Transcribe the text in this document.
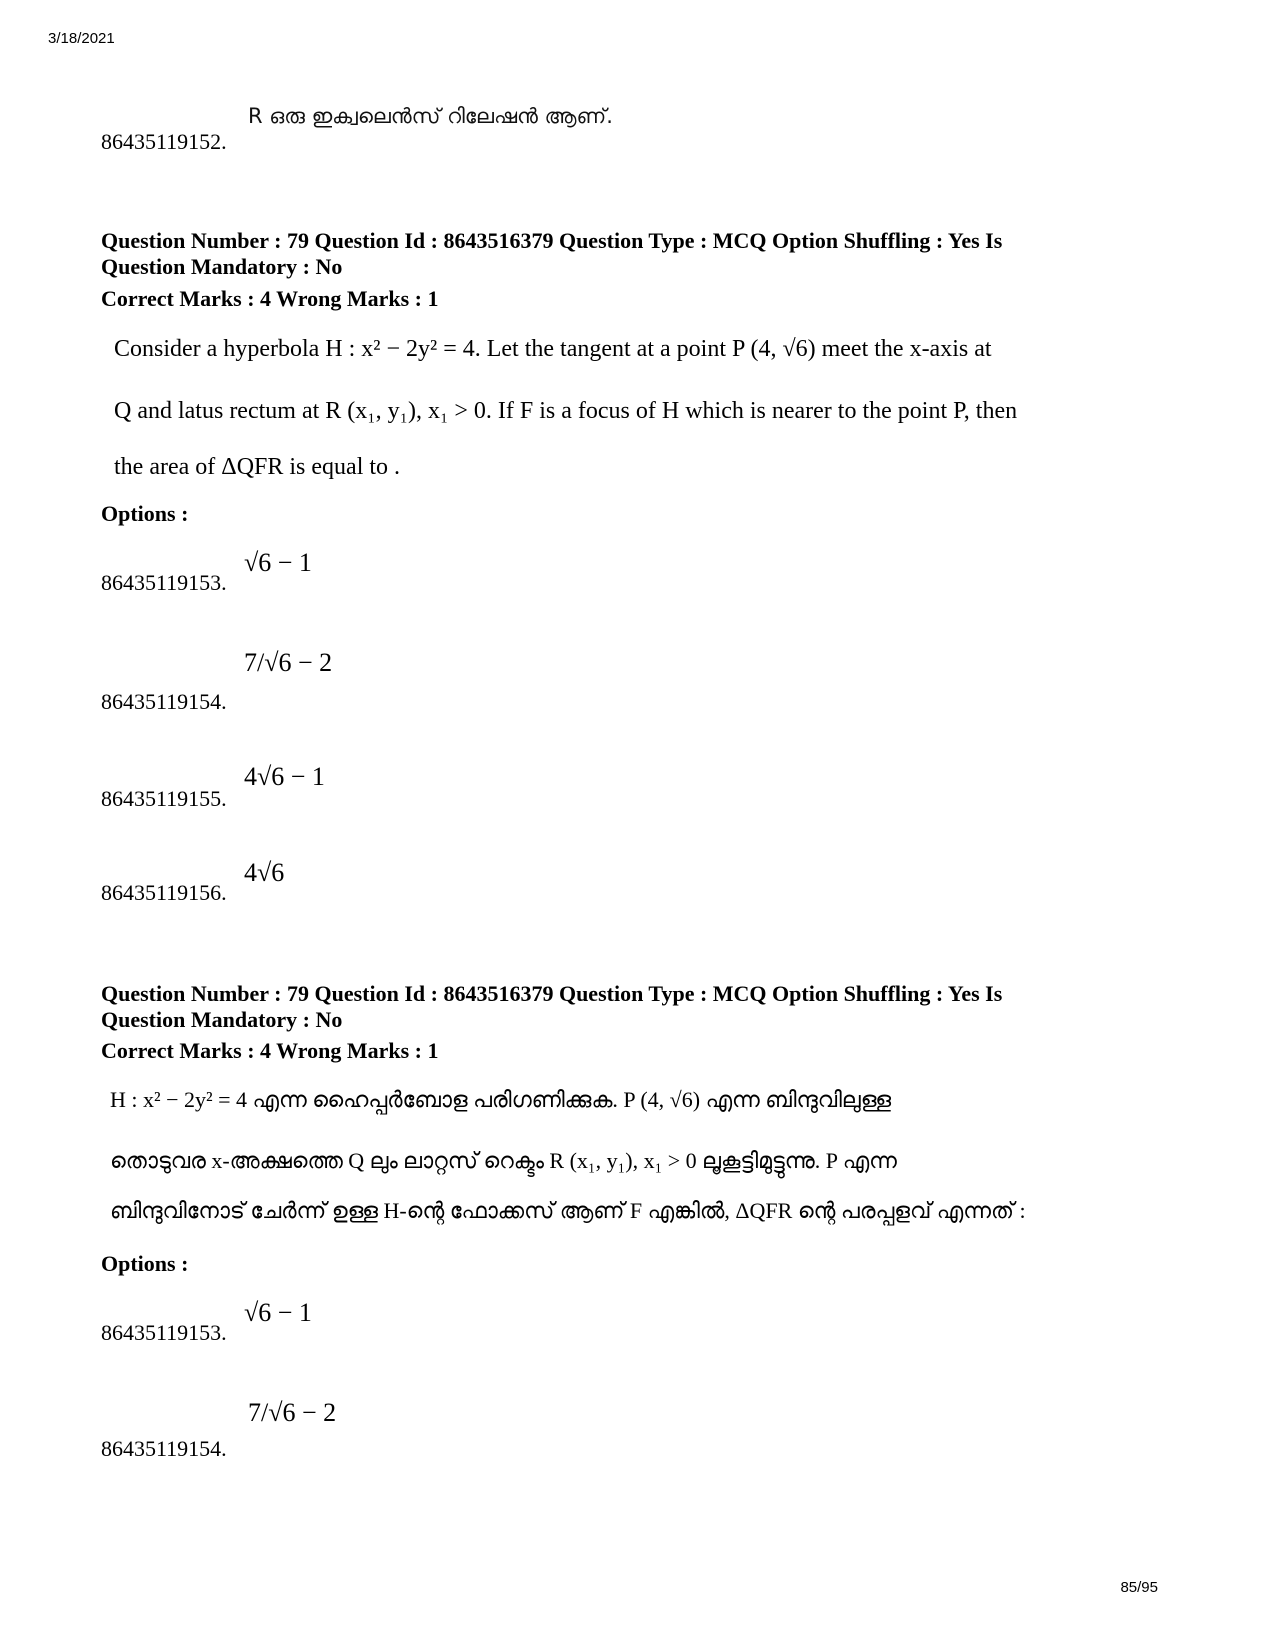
3/18/2021
85/95
R ഒരു ഇക്വലെൻസ് റിലേഷൻ ആണ്.
86435119152.
Question Number : 79 Question Id : 8643516379 Question Type : MCQ Option Shuffling : Yes Is
Question Mandatory : No
Correct Marks : 4 Wrong Marks : 1
Consider a hyperbola H : x² − 2y² = 4. Let the tangent at a point P (4, √6) meet the x-axis at
Q and latus rectum at R (x₁, y₁), x₁ > 0. If F is a focus of H which is nearer to the point P, then
the area of ΔQFR is equal to .
Options :
√6 − 1
86435119153.
7/√6 − 2
86435119154.
4√6 − 1
86435119155.
4√6
86435119156.
Question Number : 79 Question Id : 8643516379 Question Type : MCQ Option Shuffling : Yes Is
Question Mandatory : No
Correct Marks : 4 Wrong Marks : 1
H : x² − 2y² = 4 എന്ന ഹൈപ്പർബോള പരിഗണിക്കുക. P (4, √6) എന്ന ബിന്ദുവിലുള്ള
തൊടുവര x-അക്ഷത്തെ Q ലും ലാറ്റസ് റെക്ടം R (x₁, y₁), x₁ > 0 ലൂകൂട്ടിമുട്ടുന്നു. P എന്ന
ബിന്ദുവിനോട് ചേർന്ന് ഉള്ള H-ന്റെ ഫോക്കസ് ആണ് F എങ്കിൽ, ΔQFR ന്റെ പരപ്പളവ് എന്നത് :
Options :
√6 − 1
86435119153.
7/√6 − 2
86435119154.
